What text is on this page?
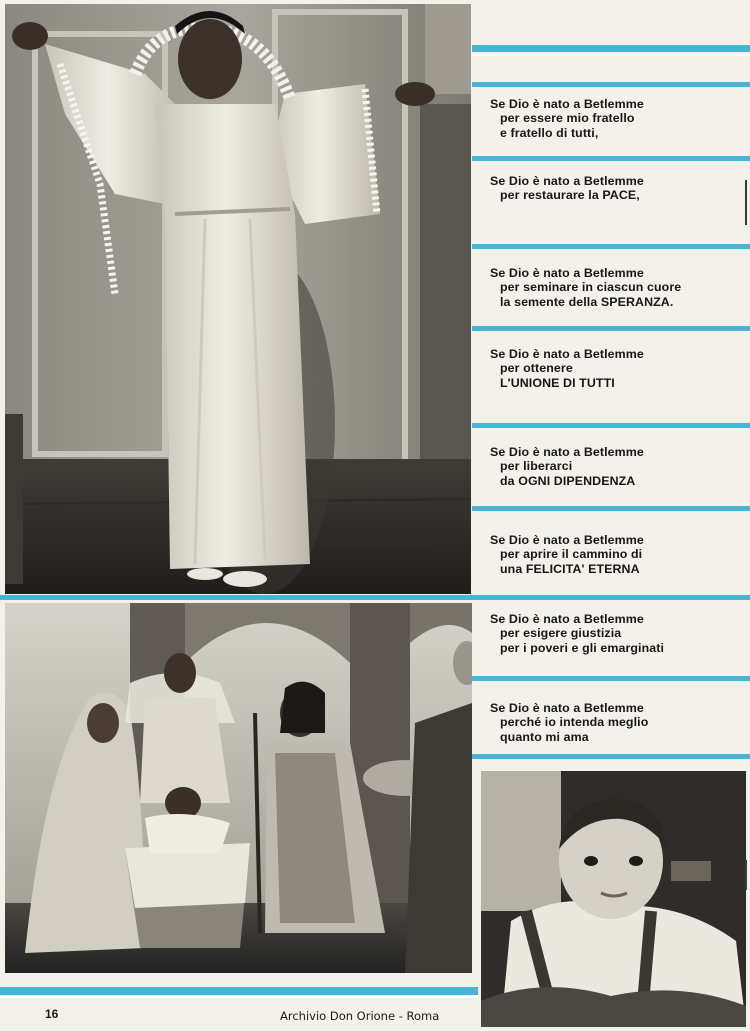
Se Dio è nato a Betlemme
per essere mio fratello
e fratello di tutti,
Se Dio è nato a Betlemme
per restaurare la PACE,
Se Dio è nato a Betlemme
per seminare in ciascun cuore
la semente della SPERANZA.
Se Dio è nato a Betlemme
per ottenere
L'UNIONE DI TUTTI
Se Dio è nato a Betlemme
per liberarci
da OGNI DIPENDENZA
Se Dio è nato a Betlemme
per aprire il cammino di
una FELICITA' ETERNA
Se Dio è nato a Betlemme
per esigere giustizia
per i poveri e gli emarginati
Se Dio è nato a Betlemme
perché io intenda meglio
quanto mi ama
16	Archivio Don Orione - Roma
